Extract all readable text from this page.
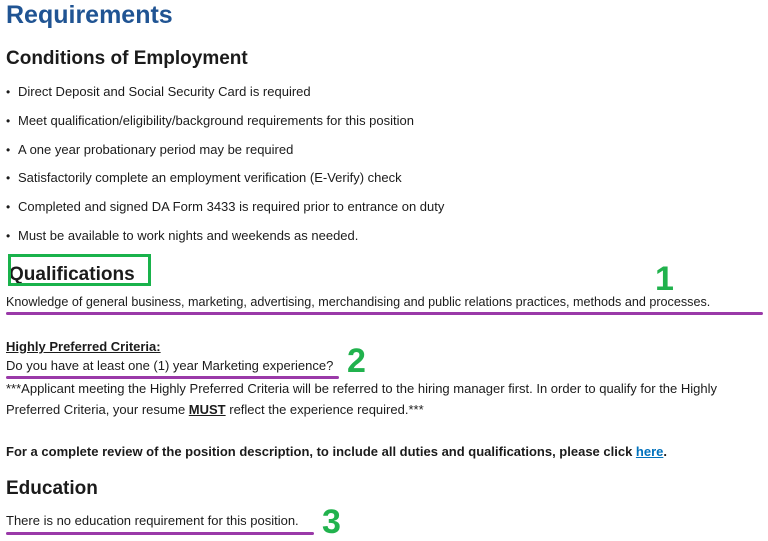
Requirements
Conditions of Employment
• Direct Deposit and Social Security Card is required
• Meet qualification/eligibility/background requirements for this position
• A one year probationary period may be required
• Satisfactorily complete an employment verification (E-Verify) check
• Completed and signed DA Form 3433 is required prior to entrance on duty
• Must be available to work nights and weekends as needed.
Qualifications
Knowledge of general business, marketing, advertising, merchandising and public relations practices, methods and processes.
Highly Preferred Criteria:
Do you have at least one (1) year Marketing experience?
***Applicant meeting the Highly Preferred Criteria will be referred to the hiring manager first. In order to qualify for the Highly
Preferred Criteria, your resume MUST reflect the experience required.***
For a complete review of the position description, to include all duties and qualifications, please click here.
Education
There is no education requirement for this position.
1
2
3
